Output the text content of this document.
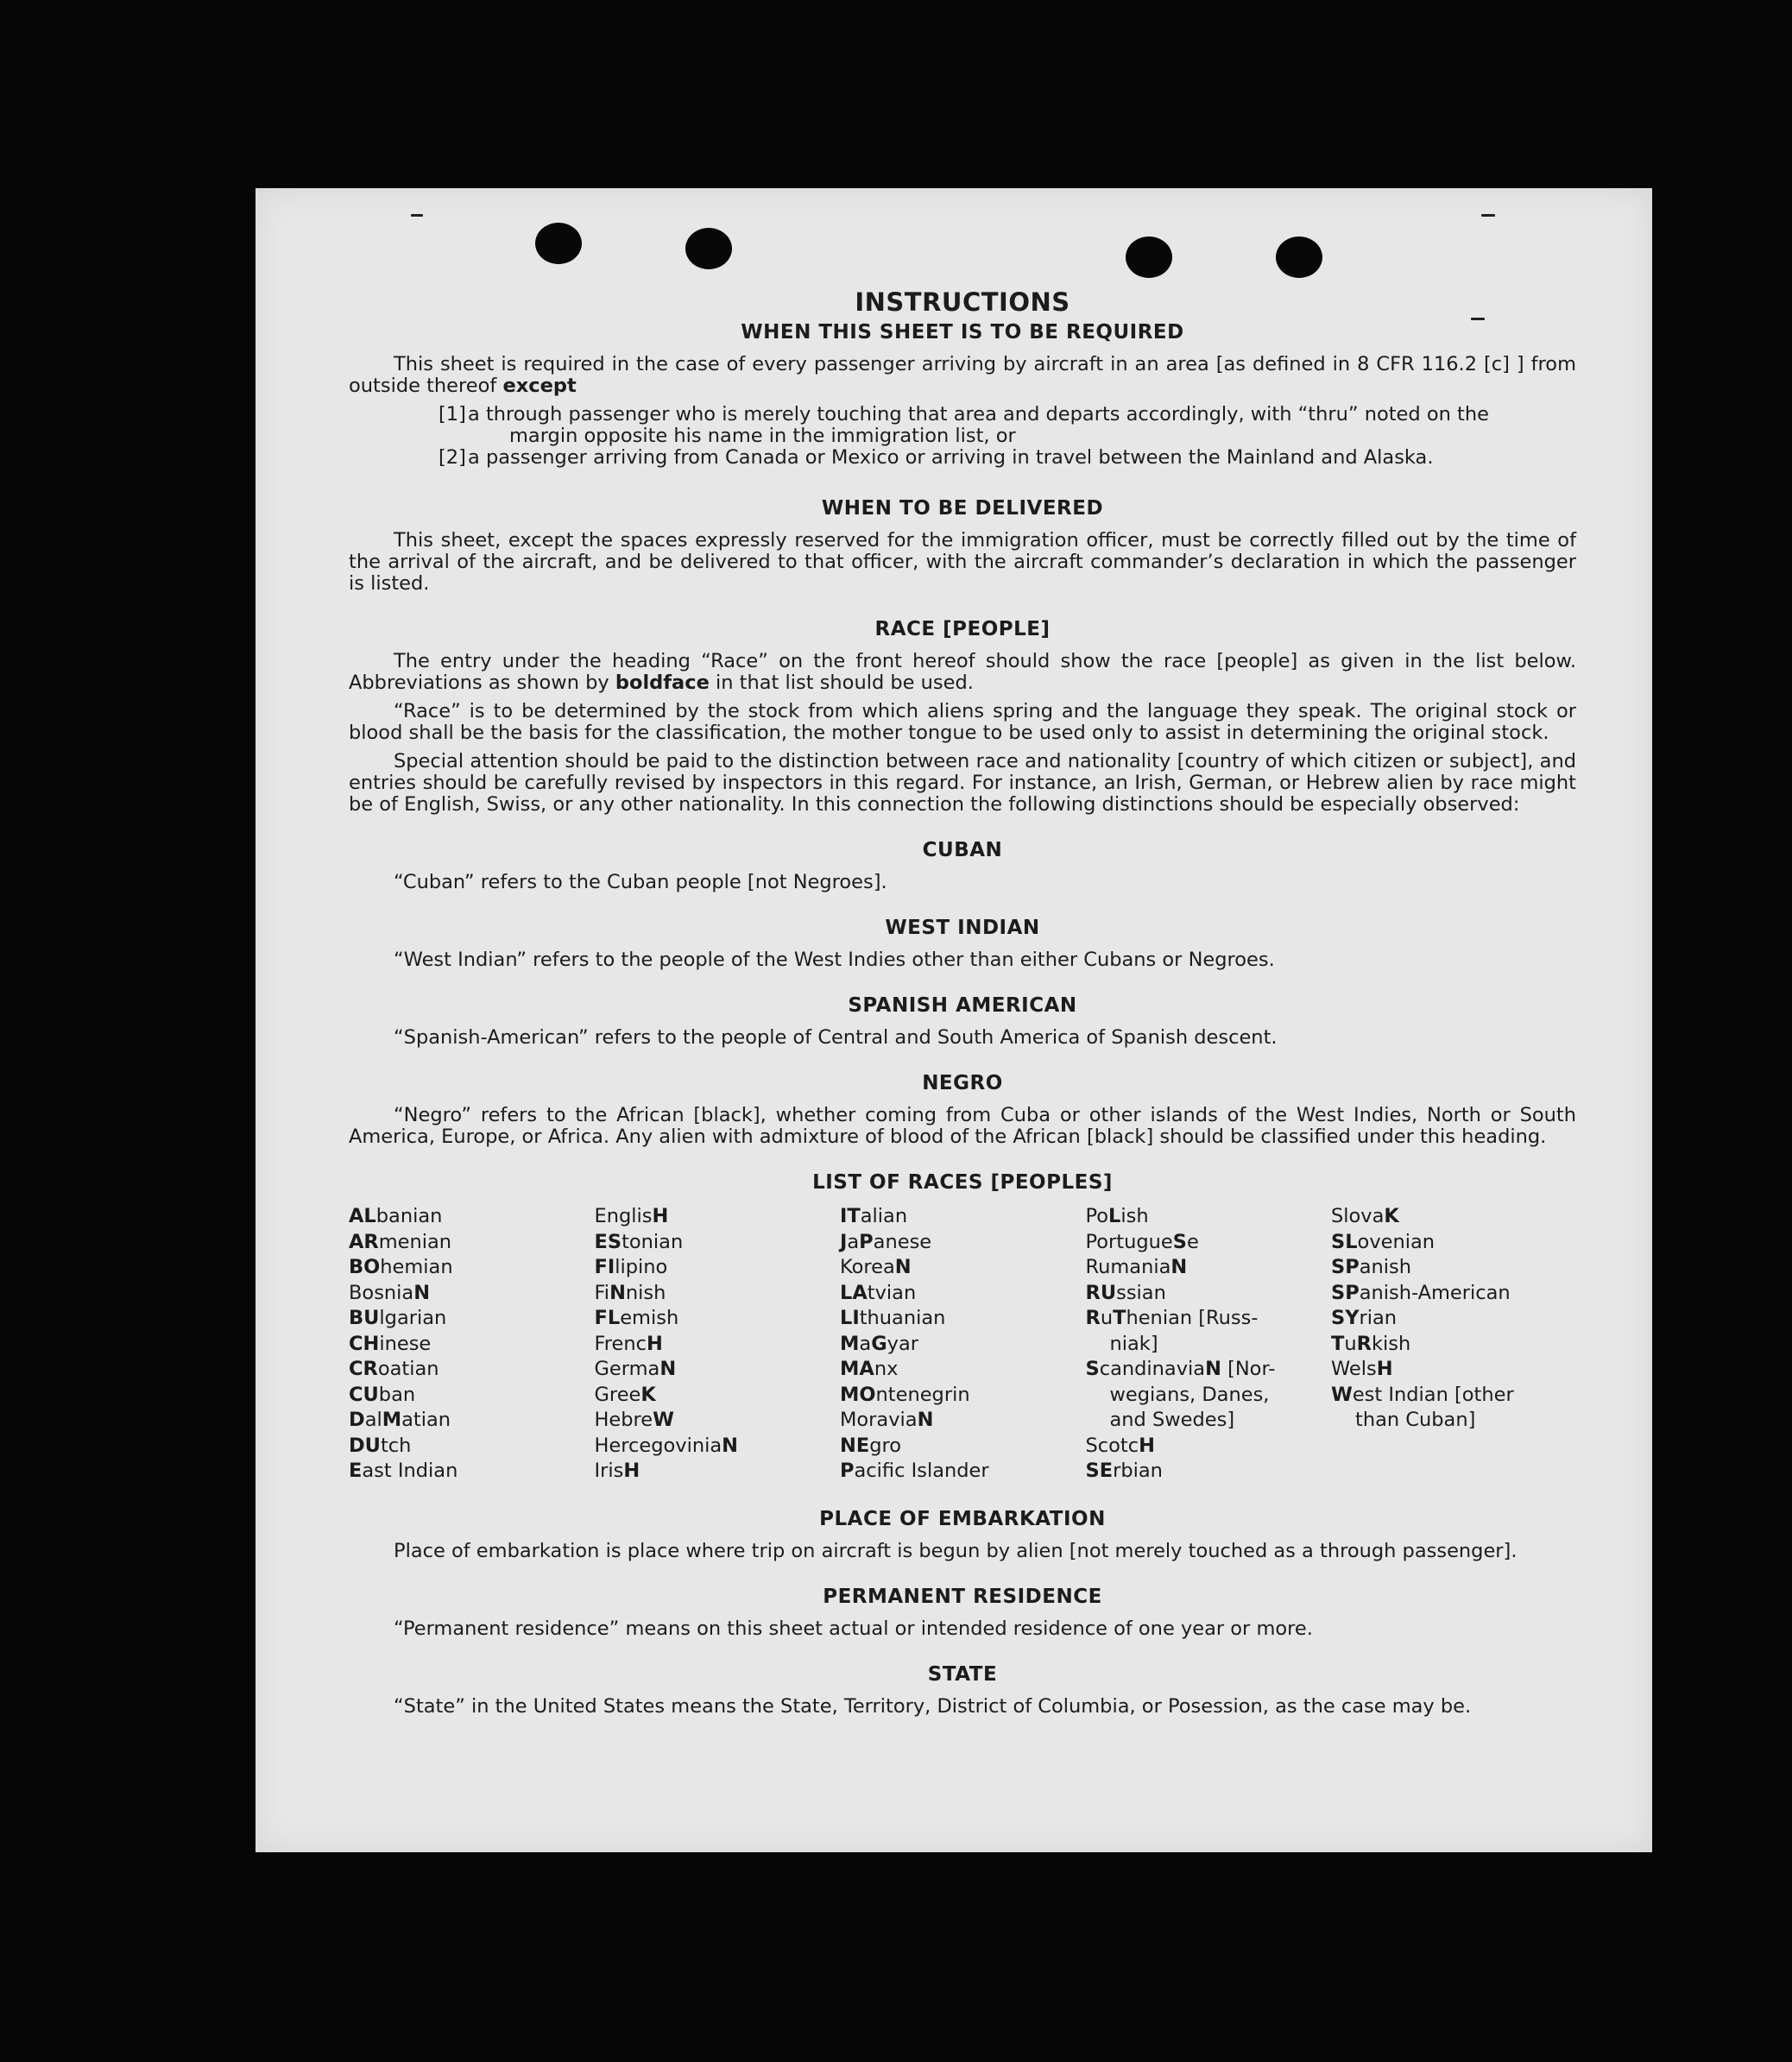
INSTRUCTIONS
WHEN THIS SHEET IS TO BE REQUIRED

This sheet is required in the case of every passenger arriving by aircraft in an area [as defined in 8 CFR 116.2 [c] ] from outside thereof except

[1] a through passenger who is merely touching that area and departs accordingly, with “thru” noted on the
margin opposite his name in the immigration list, or
[2] a passenger arriving from Canada or Mexico or arriving in travel between the Mainland and Alaska.
WHEN TO BE DELIVERED

This sheet, except the spaces expressly reserved for the immigration officer, must be correctly filled out by the time of the arrival of the aircraft, and be delivered to that officer, with the aircraft commander’s declaration in which the passenger is listed.

RACE [PEOPLE]

The entry under the heading “Race” on the front hereof should show the race [people] as given in the list below. Abbreviations as shown by boldface in that list should be used.

“Race” is to be determined by the stock from which aliens spring and the language they speak. The original stock or blood shall be the basis for the classification, the mother tongue to be used only to assist in determining the original stock.

Special attention should be paid to the distinction between race and nationality [country of which citizen or subject], and entries should be carefully revised by inspectors in this regard. For instance, an Irish, German, or Hebrew alien by race might be of English, Swiss, or any other nationality. In this connection the following distinctions should be especially observed:

CUBAN

“Cuban” refers to the Cuban people [not Negroes].

WEST INDIAN

“West Indian” refers to the people of the West Indies other than either Cubans or Negroes.

SPANISH AMERICAN

“Spanish-American” refers to the people of Central and South America of Spanish descent.

NEGRO

“Negro” refers to the African [black], whether coming from Cuba or other islands of the West Indies, North or South America, Europe, or Africa. Any alien with admixture of blood of the African [black] should be classified under this heading.

LIST OF RACES [PEOPLES]
ALbanian
ARmenian
BOhemian
BosniaN
BUlgarian
CHinese
CRoatian
CUban
DalMatian
DUtch
East Indian
EnglisH
EStonian
FIlipino
FiNnish
FLemish
FrencH
GermaN
GreeK
HebreW
HercegoviniaN
IrisH
ITalian
JaPanese
KoreaN
LAtvian
LIthuanian
MaGyar
MAnx
MOntenegrin
MoraviaN
NEgro
Pacific Islander
PoLish
PortugueSe
RumaniaN
RUssian
RuThenian [Russ-
niak]
ScandinaviaN [Nor-
wegians, Danes,
and Swedes]
ScotcH
SErbian
SlovaK
SLovenian
SPanish
SPanish-American
SYrian
TuRkish
WelsH
West Indian [other
than Cuban]
PLACE OF EMBARKATION

Place of embarkation is place where trip on aircraft is begun by alien [not merely touched as a through passenger].

PERMANENT RESIDENCE

“Permanent residence” means on this sheet actual or intended residence of one year or more.

STATE

“State” in the United States means the State, Territory, District of Columbia, or Posession, as the case may be.
